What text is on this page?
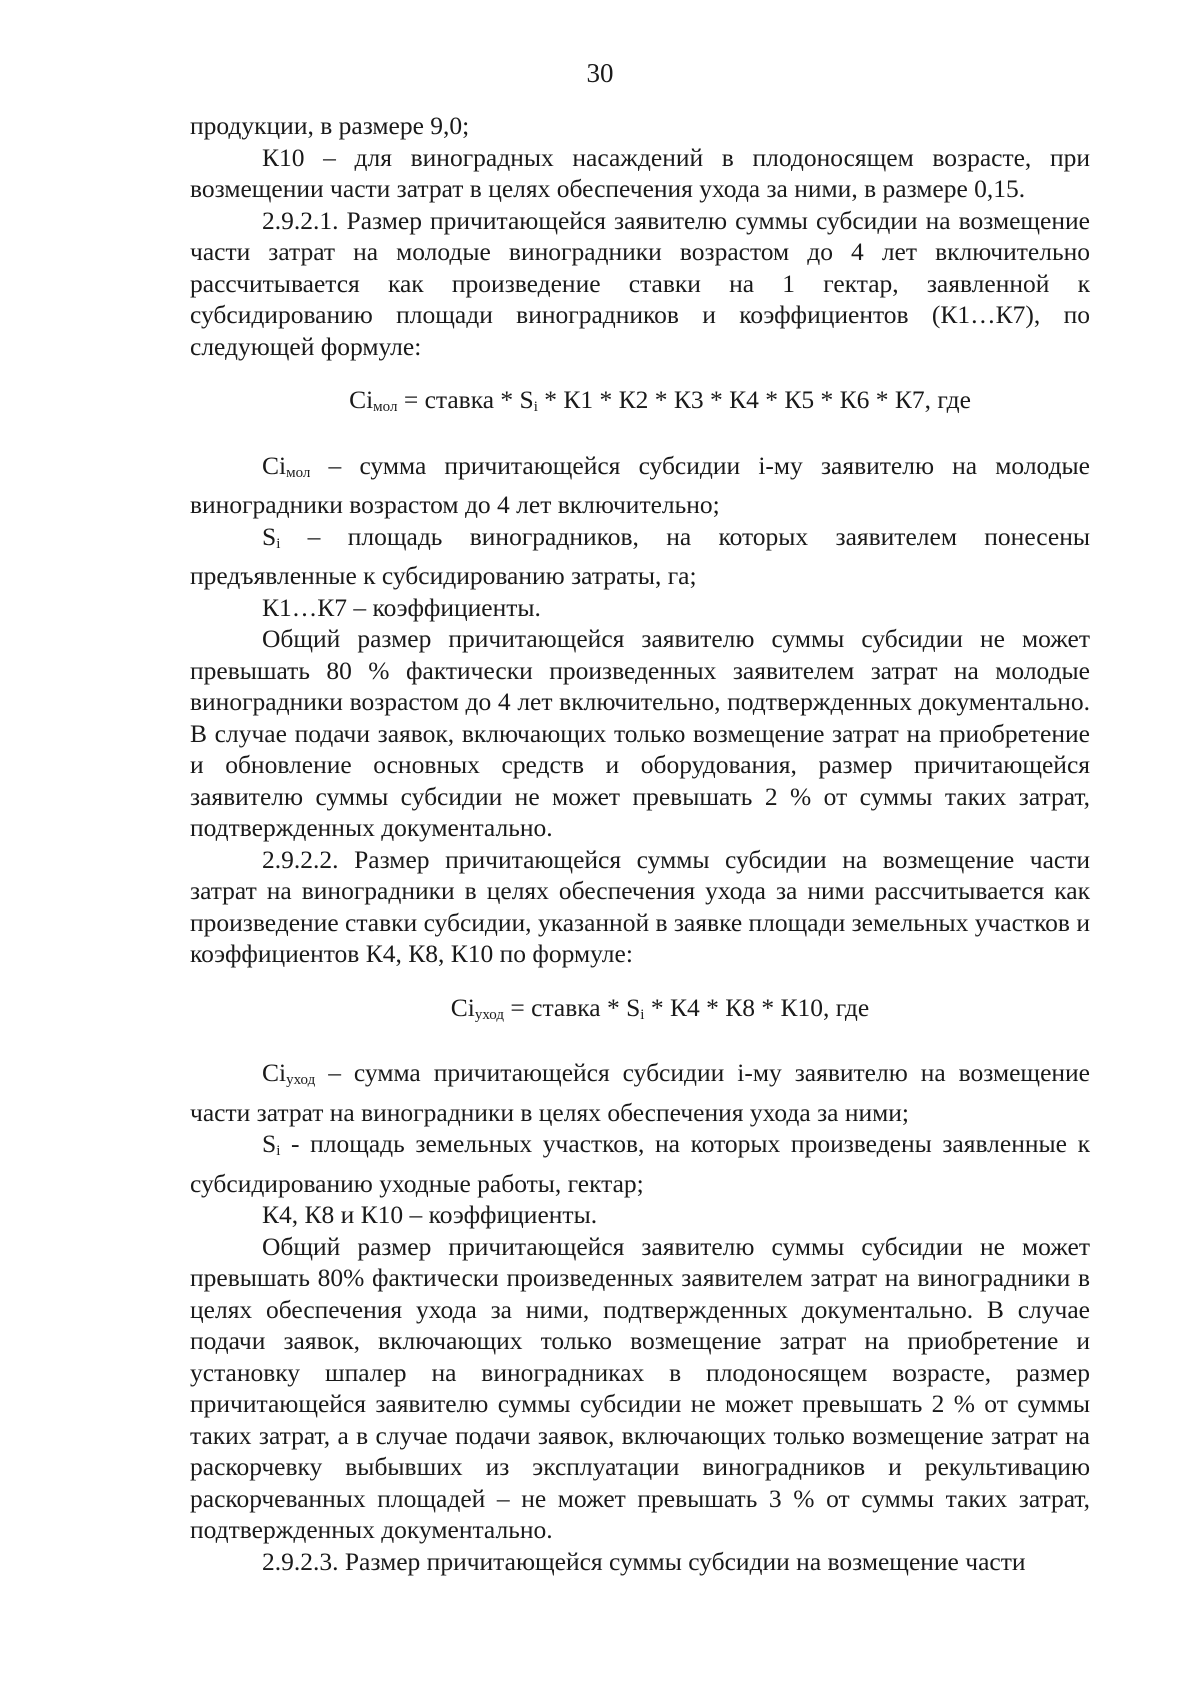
30

продукции, в размере 9,0;

К10 – для виноградных насаждений в плодоносящем возрасте, при возмещении части затрат в целях обеспечения ухода за ними, в размере 0,15.

2.9.2.1. Размер причитающейся заявителю суммы субсидии на возмещение части затрат на молодые виноградники возрастом до 4 лет включительно рассчитывается как произведение ставки на 1 гектар, заявленной к субсидированию площади виноградников и коэффициентов (К1…К7), по следующей формуле:

$Сi_{мол}$ = ставка * $S_i * К1 * К2 * К3 * К4 * К5 * К6 * К7$, где

$Сi_{мол}$ – сумма причитающейся субсидии i-му заявителю на молодые виноградники возрастом до 4 лет включительно;

$S_i$ – площадь виноградников, на которых заявителем понесены предъявленные к субсидированию затраты, га;

К1…К7 – коэффициенты.

Общий размер причитающейся заявителю суммы субсидии не может превышать 80 % фактически произведенных заявителем затрат на молодые виноградники возрастом до 4 лет включительно, подтвержденных документально. В случае подачи заявок, включающих только возмещение затрат на приобретение и обновление основных средств и оборудования, размер причитающейся заявителю суммы субсидии не может превышать 2 % от суммы таких затрат, подтвержденных документально.

2.9.2.2. Размер причитающейся суммы субсидии на возмещение части затрат на виноградники в целях обеспечения ухода за ними рассчитывается как произведение ставки субсидии, указанной в заявке площади земельных участков и коэффициентов К4, К8, К10 по формуле:

$Сi_{уход}$ = ставка * $S_i * К4 * К8 * К10$, где

$Сi_{уход}$ – сумма причитающейся субсидии i-му заявителю на возмещение части затрат на виноградники в целях обеспечения ухода за ними;

$S_i$ - площадь земельных участков, на которых произведены заявленные к субсидированию уходные работы, гектар;

К4, К8 и К10 – коэффициенты.

Общий размер причитающейся заявителю суммы субсидии не может превышать 80% фактически произведенных заявителем затрат на виноградники в целях обеспечения ухода за ними, подтвержденных документально. В случае подачи заявок, включающих только возмещение затрат на приобретение и установку шпалер на виноградниках в плодоносящем возрасте, размер причитающейся заявителю суммы субсидии не может превышать 2 % от суммы таких затрат, а в случае подачи заявок, включающих только возмещение затрат на раскорчевку выбывших из эксплуатации виноградников и рекультивацию раскорчеванных площадей – не может превышать 3 % от суммы таких затрат, подтвержденных документально.

2.9.2.3. Размер причитающейся суммы субсидии на возмещение части
